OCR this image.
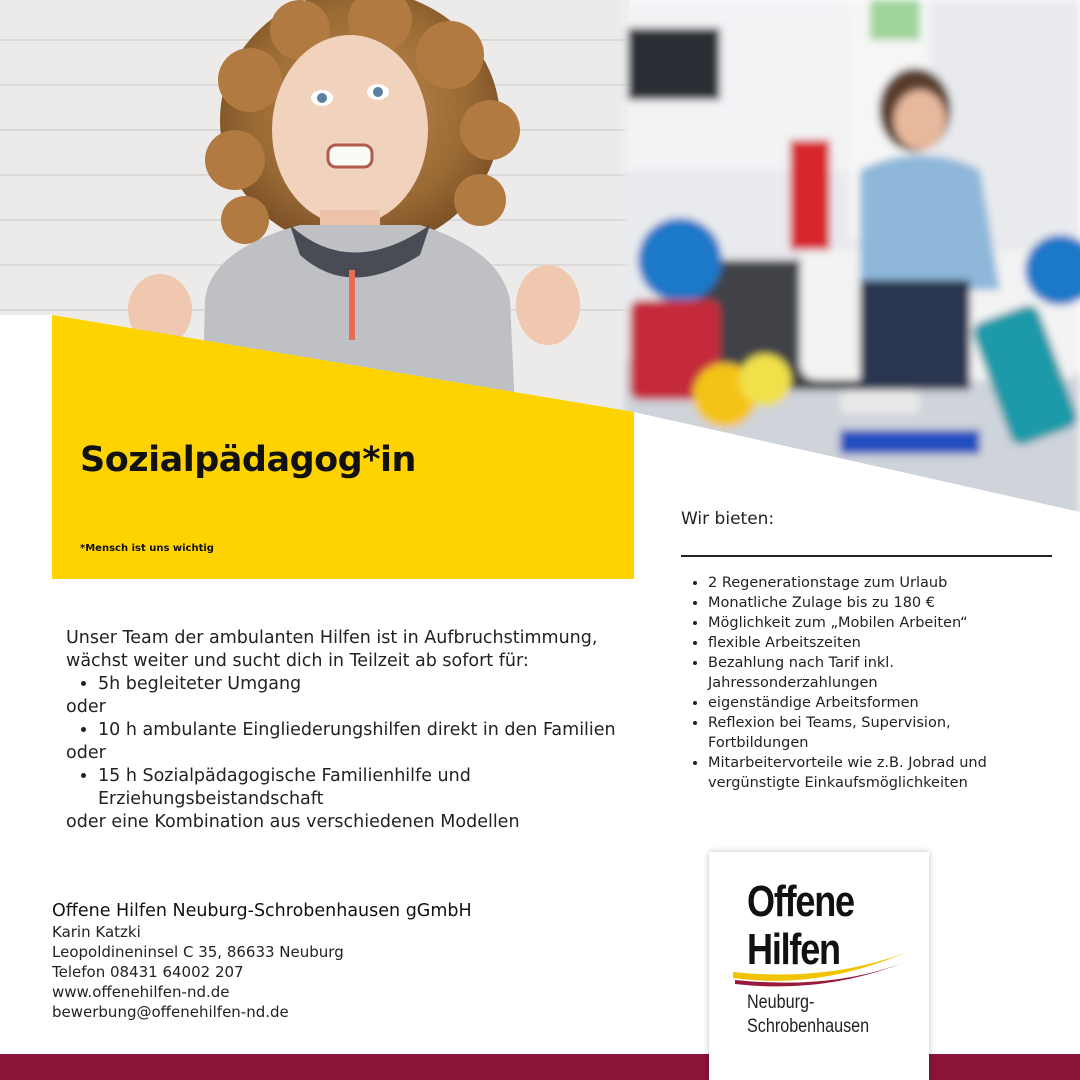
Sozialpädagog*in
*Mensch ist uns wichtig

Unser Team der ambulanten Hilfen ist in Aufbruchstimmung, wächst weiter und sucht dich in Teilzeit ab sofort für:

• 5h begleiteter Umgang

oder

• 10 h ambulante Eingliederungshilfen direkt in den Familien

oder

• 15 h Sozialpädagogische Familienhilfe und Erziehungsbeistandschaft

oder eine Kombination aus verschiedenen Modellen

Wir bieten:
• 2 Regenerationstage zum Urlaub
• Monatliche Zulage bis zu 180 €
• Möglichkeit zum „Mobilen Arbeiten“
• flexible Arbeitszeiten
• Bezahlung nach Tarif inkl. Jahressonderzahlungen
• eigenständige Arbeitsformen
• Reflexion bei Teams, Supervision, Fortbildungen
• Mitarbeitervorteile wie z.B. Jobrad und vergünstigte Einkaufsmöglichkeiten
Offene Hilfen Neuburg-Schrobenhausen gGmbH
Karin Katzki
Leopoldineninsel C 35, 86633 Neuburg
Telefon 08431 64002 207
www.offenehilfen-nd.de
bewerbung@offenehilfen-nd.de
Offene
Hilfen
Neuburg-
Schrobenhausen
